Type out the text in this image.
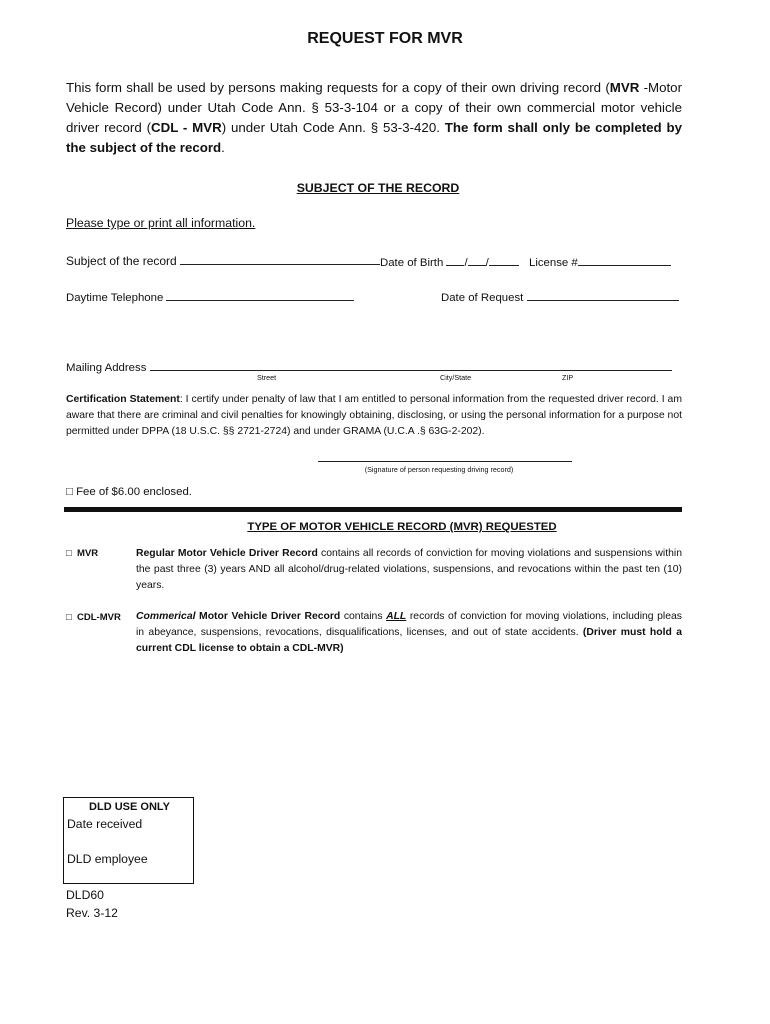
REQUEST FOR MVR
This form shall be used by persons making requests for a copy of their own driving record (MVR -Motor Vehicle Record) under Utah Code Ann. § 53-3-104 or a copy of their own commercial motor vehicle driver record (CDL - MVR) under Utah Code Ann. § 53-3-420. The form shall only be completed by the subject of the record.
SUBJECT OF THE RECORD
Please type or print all information.
Subject of the record	Date of Birth / /	License #
Daytime Telephone	Date of Request
Mailing Address
Street	City/State	ZIP
Certification Statement: I certify under penalty of law that I am entitled to personal information from the requested driver record. I am aware that there are criminal and civil penalties for knowingly obtaining, disclosing, or using the personal information for a purpose not permitted under DPPA (18 U.S.C. §§ 2721-2724) and under GRAMA (U.C.A .§ 63G-2-202).
(Signature of person requesting driving record)
□ Fee of $6.00 enclosed.
TYPE OF MOTOR VEHICLE RECORD (MVR) REQUESTED
□ MVR	Regular Motor Vehicle Driver Record contains all records of conviction for moving violations and suspensions within the past three (3) years AND all alcohol/drug-related violations, suspensions, and revocations within the past ten (10) years.
□ CDL-MVR Commerical Motor Vehicle Driver Record contains ALL records of conviction for moving violations, including pleas in abeyance, suspensions, revocations, disqualifications, licenses, and out of state accidents. (Driver must hold a current CDL license to obtain a CDL-MVR)
DLD USE ONLY
Date received
DLD employee
DLD60
Rev. 3-12
